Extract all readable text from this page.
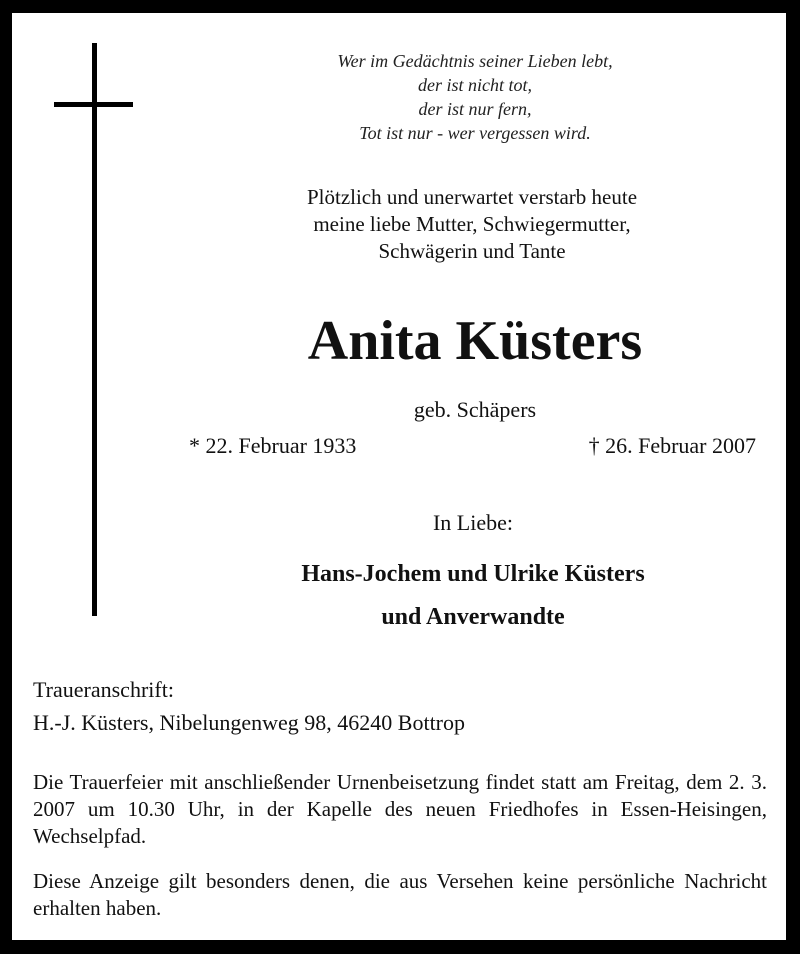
Wer im Gedächtnis seiner Lieben lebt,
der ist nicht tot,
der ist nur fern,
Tot ist nur - wer vergessen wird.
Plötzlich und unerwartet verstarb heute
meine liebe Mutter, Schwiegermutter,
Schwägerin und Tante
Anita Küsters
geb. Schäpers
* 22. Februar 1933	† 26. Februar 2007
In Liebe:
Hans-Jochem und Ulrike Küsters
und Anverwandte
Traueranschrift:
H.-J. Küsters, Nibelungenweg 98, 46240 Bottrop
Die Trauerfeier mit anschließender Urnenbeisetzung findet statt am Freitag, dem 2. 3. 2007 um 10.30 Uhr, in der Kapelle des neuen Friedhofes in Essen-Heisingen, Wechselpfad.
Diese Anzeige gilt besonders denen, die aus Versehen keine persönliche Nachricht erhalten haben.
